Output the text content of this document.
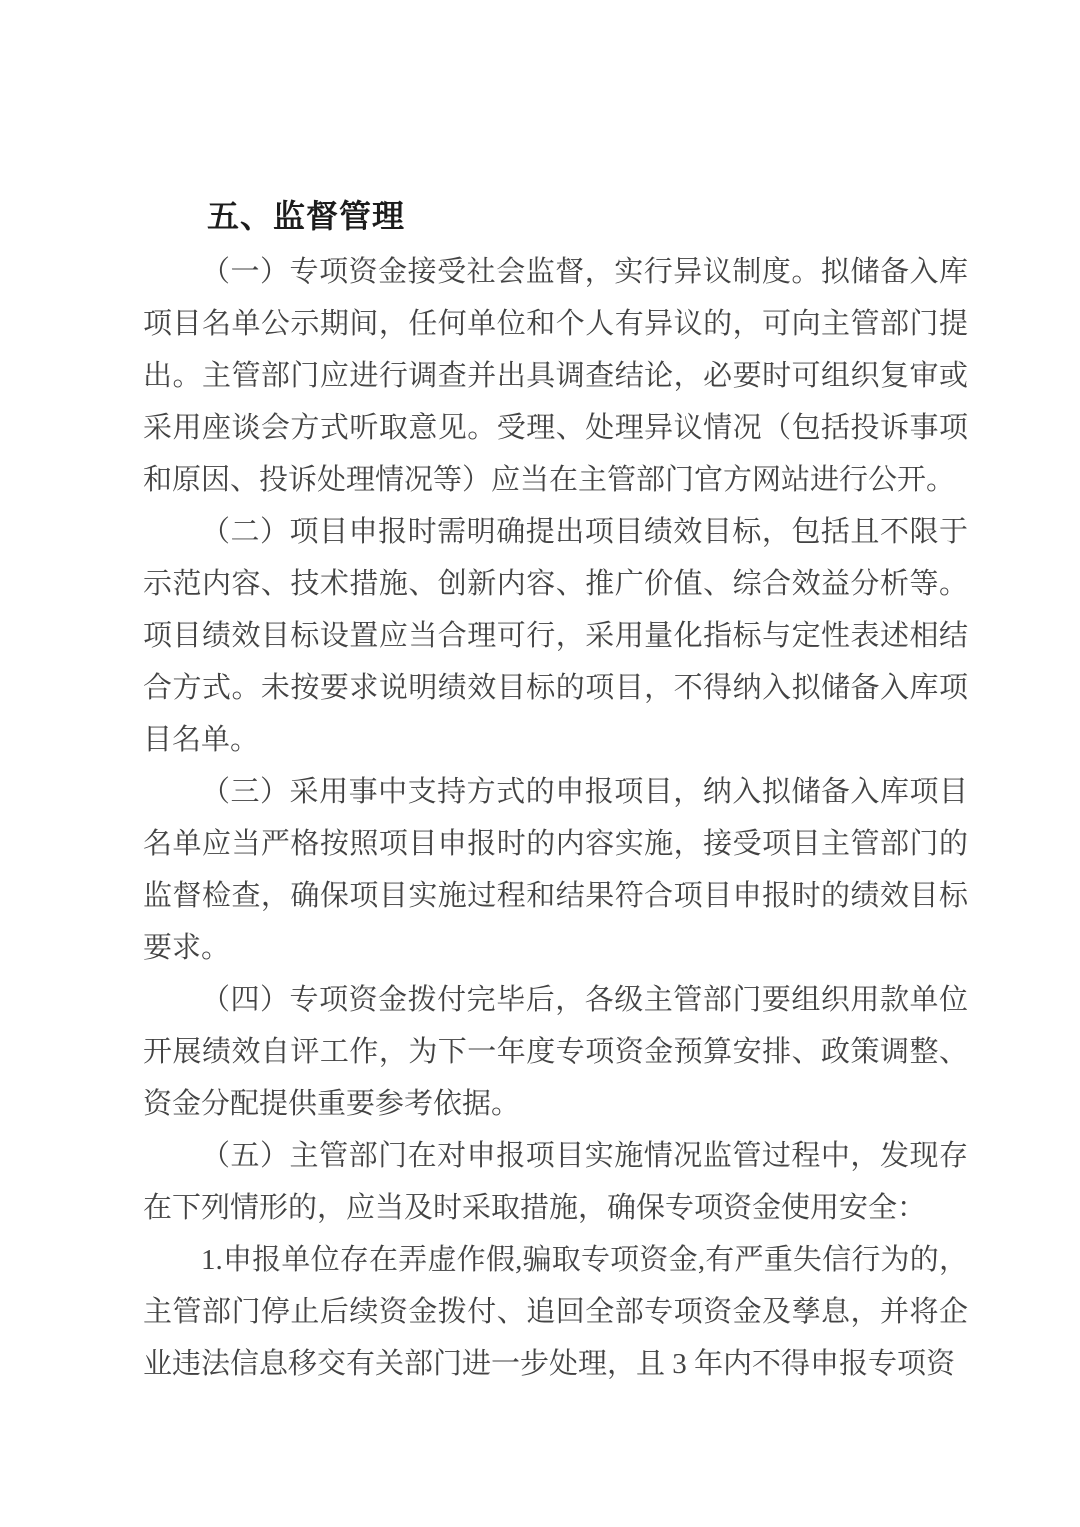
五、监督管理

（一）专项资金接受社会监督，实行异议制度。拟储备入库项目名单公示期间，任何单位和个人有异议的，可向主管部门提出。主管部门应进行调查并出具调查结论，必要时可组织复审或采用座谈会方式听取意见。受理、处理异议情况（包括投诉事项和原因、投诉处理情况等）应当在主管部门官方网站进行公开。

（二）项目申报时需明确提出项目绩效目标，包括且不限于示范内容、技术措施、创新内容、推广价值、综合效益分析等。项目绩效目标设置应当合理可行，采用量化指标与定性表述相结合方式。未按要求说明绩效目标的项目，不得纳入拟储备入库项目名单。

（三）采用事中支持方式的申报项目，纳入拟储备入库项目名单应当严格按照项目申报时的内容实施，接受项目主管部门的监督检查，确保项目实施过程和结果符合项目申报时的绩效目标要求。

（四）专项资金拨付完毕后，各级主管部门要组织用款单位开展绩效自评工作，为下一年度专项资金预算安排、政策调整、资金分配提供重要参考依据。

（五）主管部门在对申报项目实施情况监管过程中，发现存在下列情形的，应当及时采取措施，确保专项资金使用安全：

1.申报单位存在弄虚作假,骗取专项资金,有严重失信行为的，主管部门停止后续资金拨付、追回全部专项资金及孳息，并将企业违法信息移交有关部门进一步处理，且 3 年内不得申报专项资
